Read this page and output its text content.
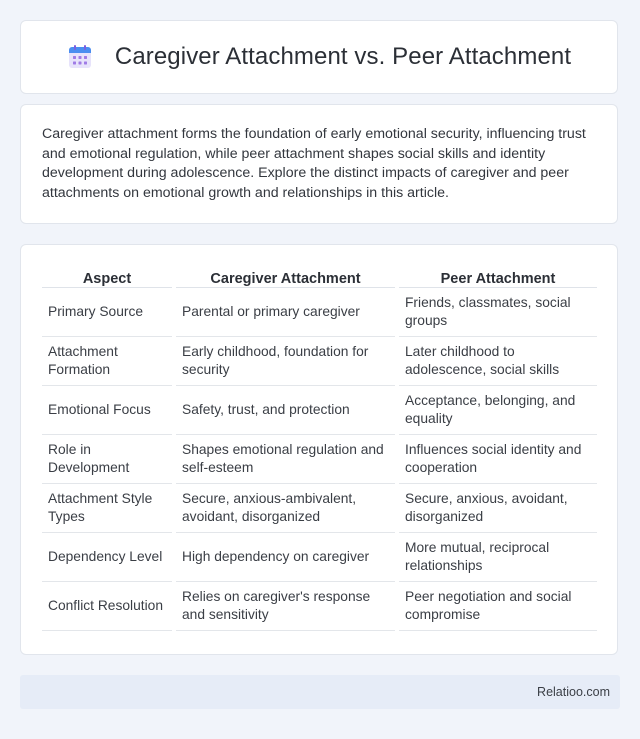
Caregiver Attachment vs. Peer Attachment

Caregiver attachment forms the foundation of early emotional security, influencing trust and emotional regulation, while peer attachment shapes social skills and identity development during adolescence. Explore the distinct impacts of caregiver and peer attachments on emotional growth and relationships in this article.

Aspect		Caregiver Attachment		Peer Attachment
Primary Source		Parental or primary caregiver		Friends, classmates, social groups
Attachment Formation		Early childhood, foundation for security		Later childhood to adolescence, social skills
Emotional Focus		Safety, trust, and protection		Acceptance, belonging, and equality
Role in Development		Shapes emotional regulation and self-esteem		Influences social identity and cooperation
Attachment Style Types		Secure, anxious-ambivalent, avoidant, disorganized		Secure, anxious, avoidant, disorganized
Dependency Level		High dependency on caregiver		More mutual, reciprocal relationships
Conflict Resolution		Relies on caregiver's response and sensitivity		Peer negotiation and social compromise
Relatioo.com
